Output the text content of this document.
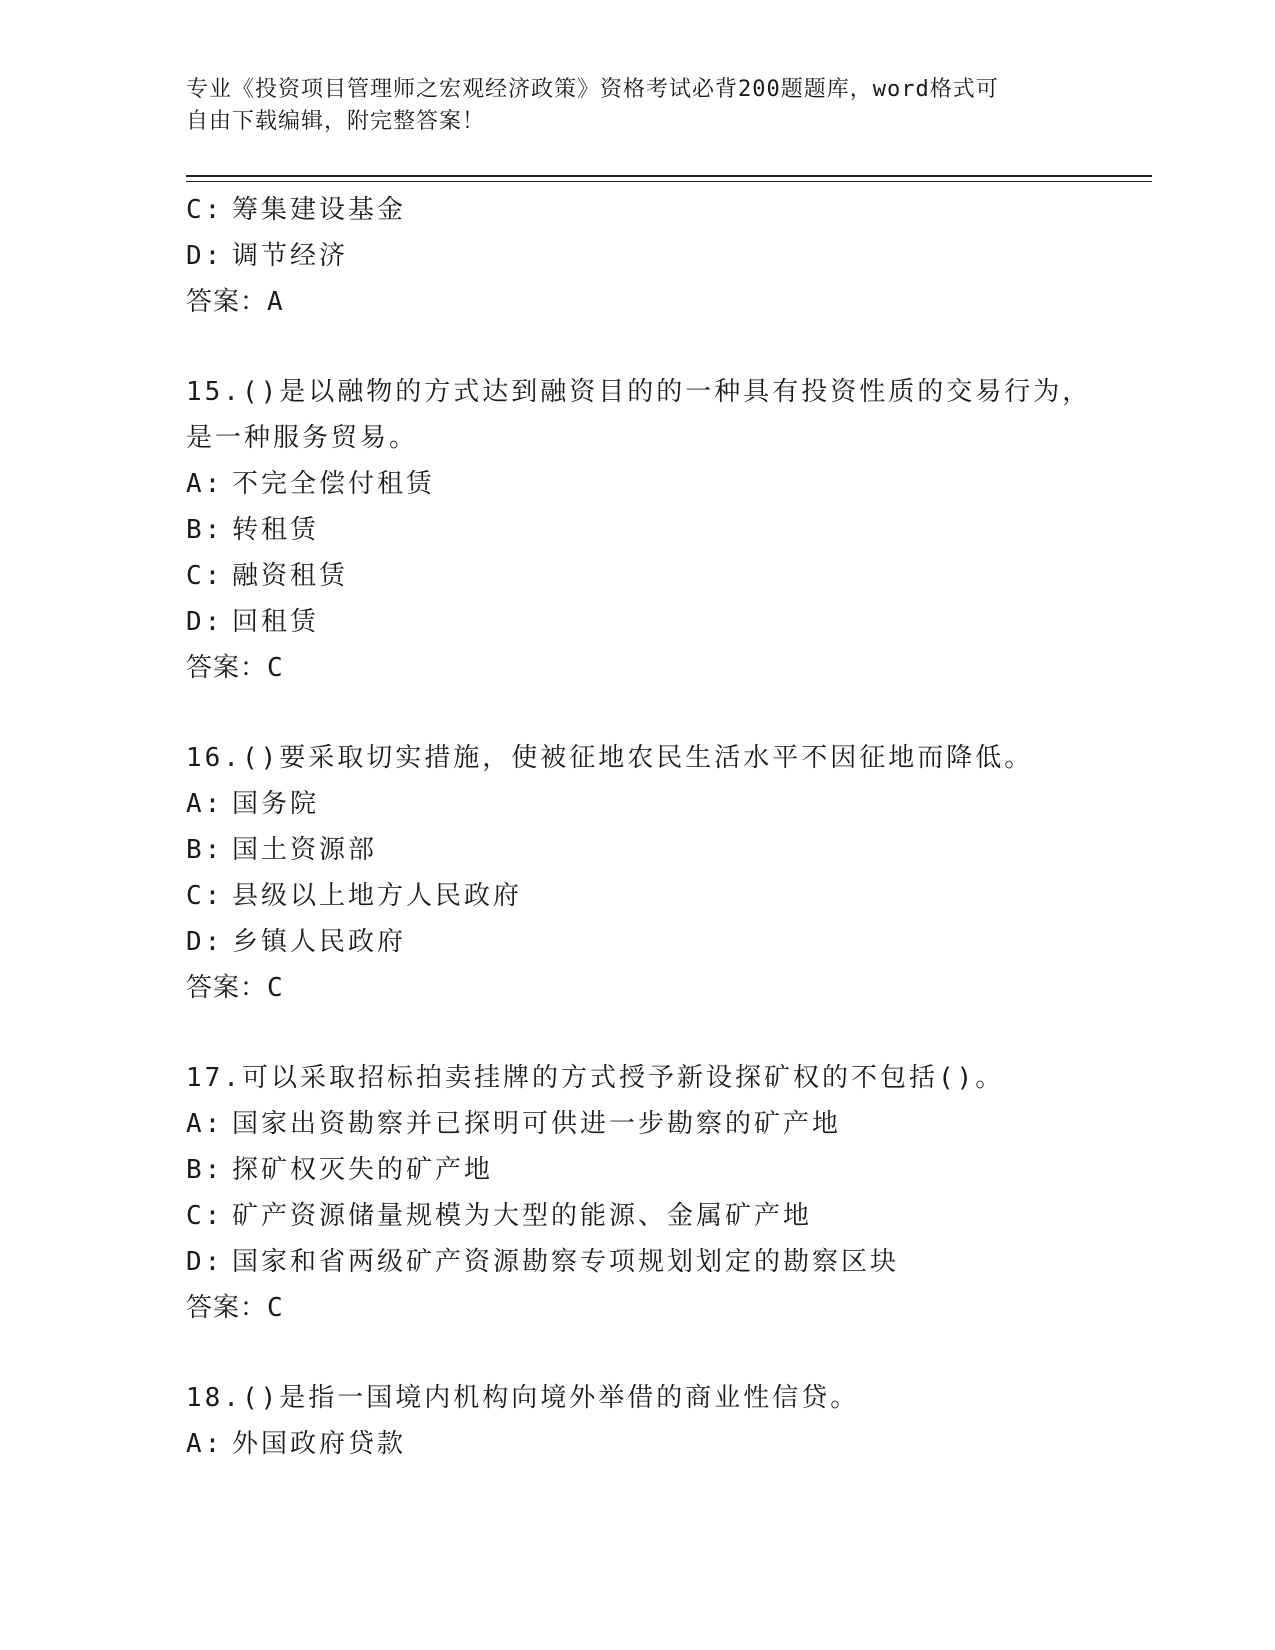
专业《投资项目管理师之宏观经济政策》资格考试必背200题题库，word格式可
自由下载编辑，附完整答案！
C: 筹集建设基金
D: 调节经济
答案：A
15.()是以融物的方式达到融资目的的一种具有投资性质的交易行为，
是一种服务贸易。
A: 不完全偿付租赁
B: 转租赁
C: 融资租赁
D: 回租赁
答案：C
16.()要采取切实措施，使被征地农民生活水平不因征地而降低。
A: 国务院
B: 国土资源部
C: 县级以上地方人民政府
D: 乡镇人民政府
答案：C
17.可以采取招标拍卖挂牌的方式授予新设探矿权的不包括()。
A: 国家出资勘察并已探明可供进一步勘察的矿产地
B: 探矿权灭失的矿产地
C: 矿产资源储量规模为大型的能源、金属矿产地
D: 国家和省两级矿产资源勘察专项规划划定的勘察区块
答案：C
18.()是指一国境内机构向境外举借的商业性信贷。
A: 外国政府贷款
